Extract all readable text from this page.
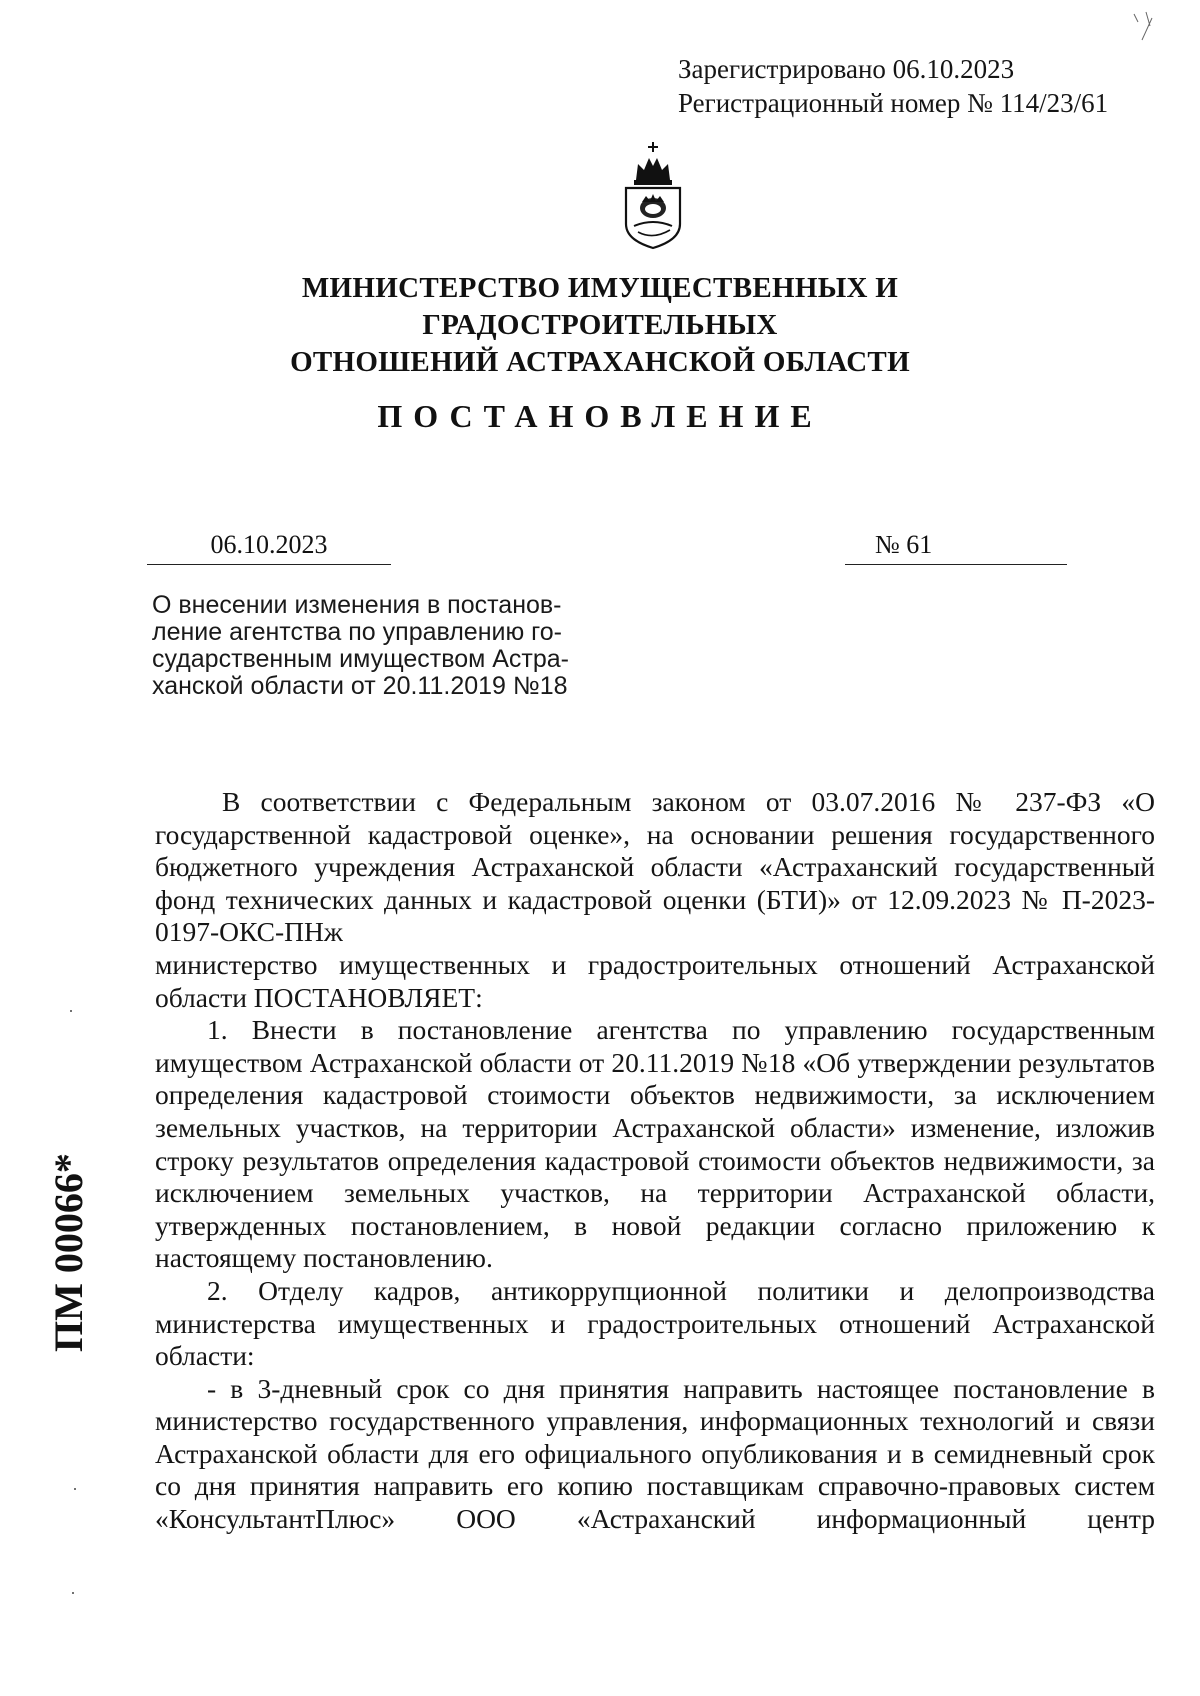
Зарегистрировано 06.10.2023
Регистрационный номер № 114/23/61
МИНИСТЕРСТВО ИМУЩЕСТВЕННЫХ И ГРАДОСТРОИТЕЛЬНЫХ
ОТНОШЕНИЙ АСТРАХАНСКОЙ ОБЛАСТИ
ПОСТАНОВЛЕНИЕ
06.10.2023	№ 61
О внесении изменения в постанов-
ление агентства по управлению го-
сударственным имуществом Астра-
ханской области от 20.11.2019 №18

В соответствии с Федеральным законом от 03.07.2016 № 237-ФЗ «О государственной кадастровой оценке», на основании решения государственного бюджетного учреждения Астраханской области «Астраханский государственный фонд технических данных и кадастровой оценки (БТИ)» от 12.09.2023 № П-2023-0197-ОКС-ПНж

министерство имущественных и градостроительных отношений Астраханской области ПОСТАНОВЛЯЕТ:

1. Внести в постановление агентства по управлению государственным имуществом Астраханской области от 20.11.2019 №18 «Об утверждении результатов определения кадастровой стоимости объектов недвижимости, за исключением земельных участков, на территории Астраханской области» изменение, изложив строку результатов определения кадастровой стоимости объектов недвижимости, за исключением земельных участков, на территории Астраханской области, утвержденных постановлением, в новой редакции согласно приложению к настоящему постановлению.

2. Отделу кадров, антикоррупционной политики и делопроизводства министерства имущественных и градостроительных отношений Астраханской области:

- в 3-дневный срок со дня принятия направить настоящее постановление в министерство государственного управления, информационных технологий и связи Астраханской области для его официального опубликования и в семидневный срок со дня принятия направить его копию поставщикам справочно-правовых систем «КонсультантПлюс» ООО «Астраханский информационный центр

ПМ 00066*
